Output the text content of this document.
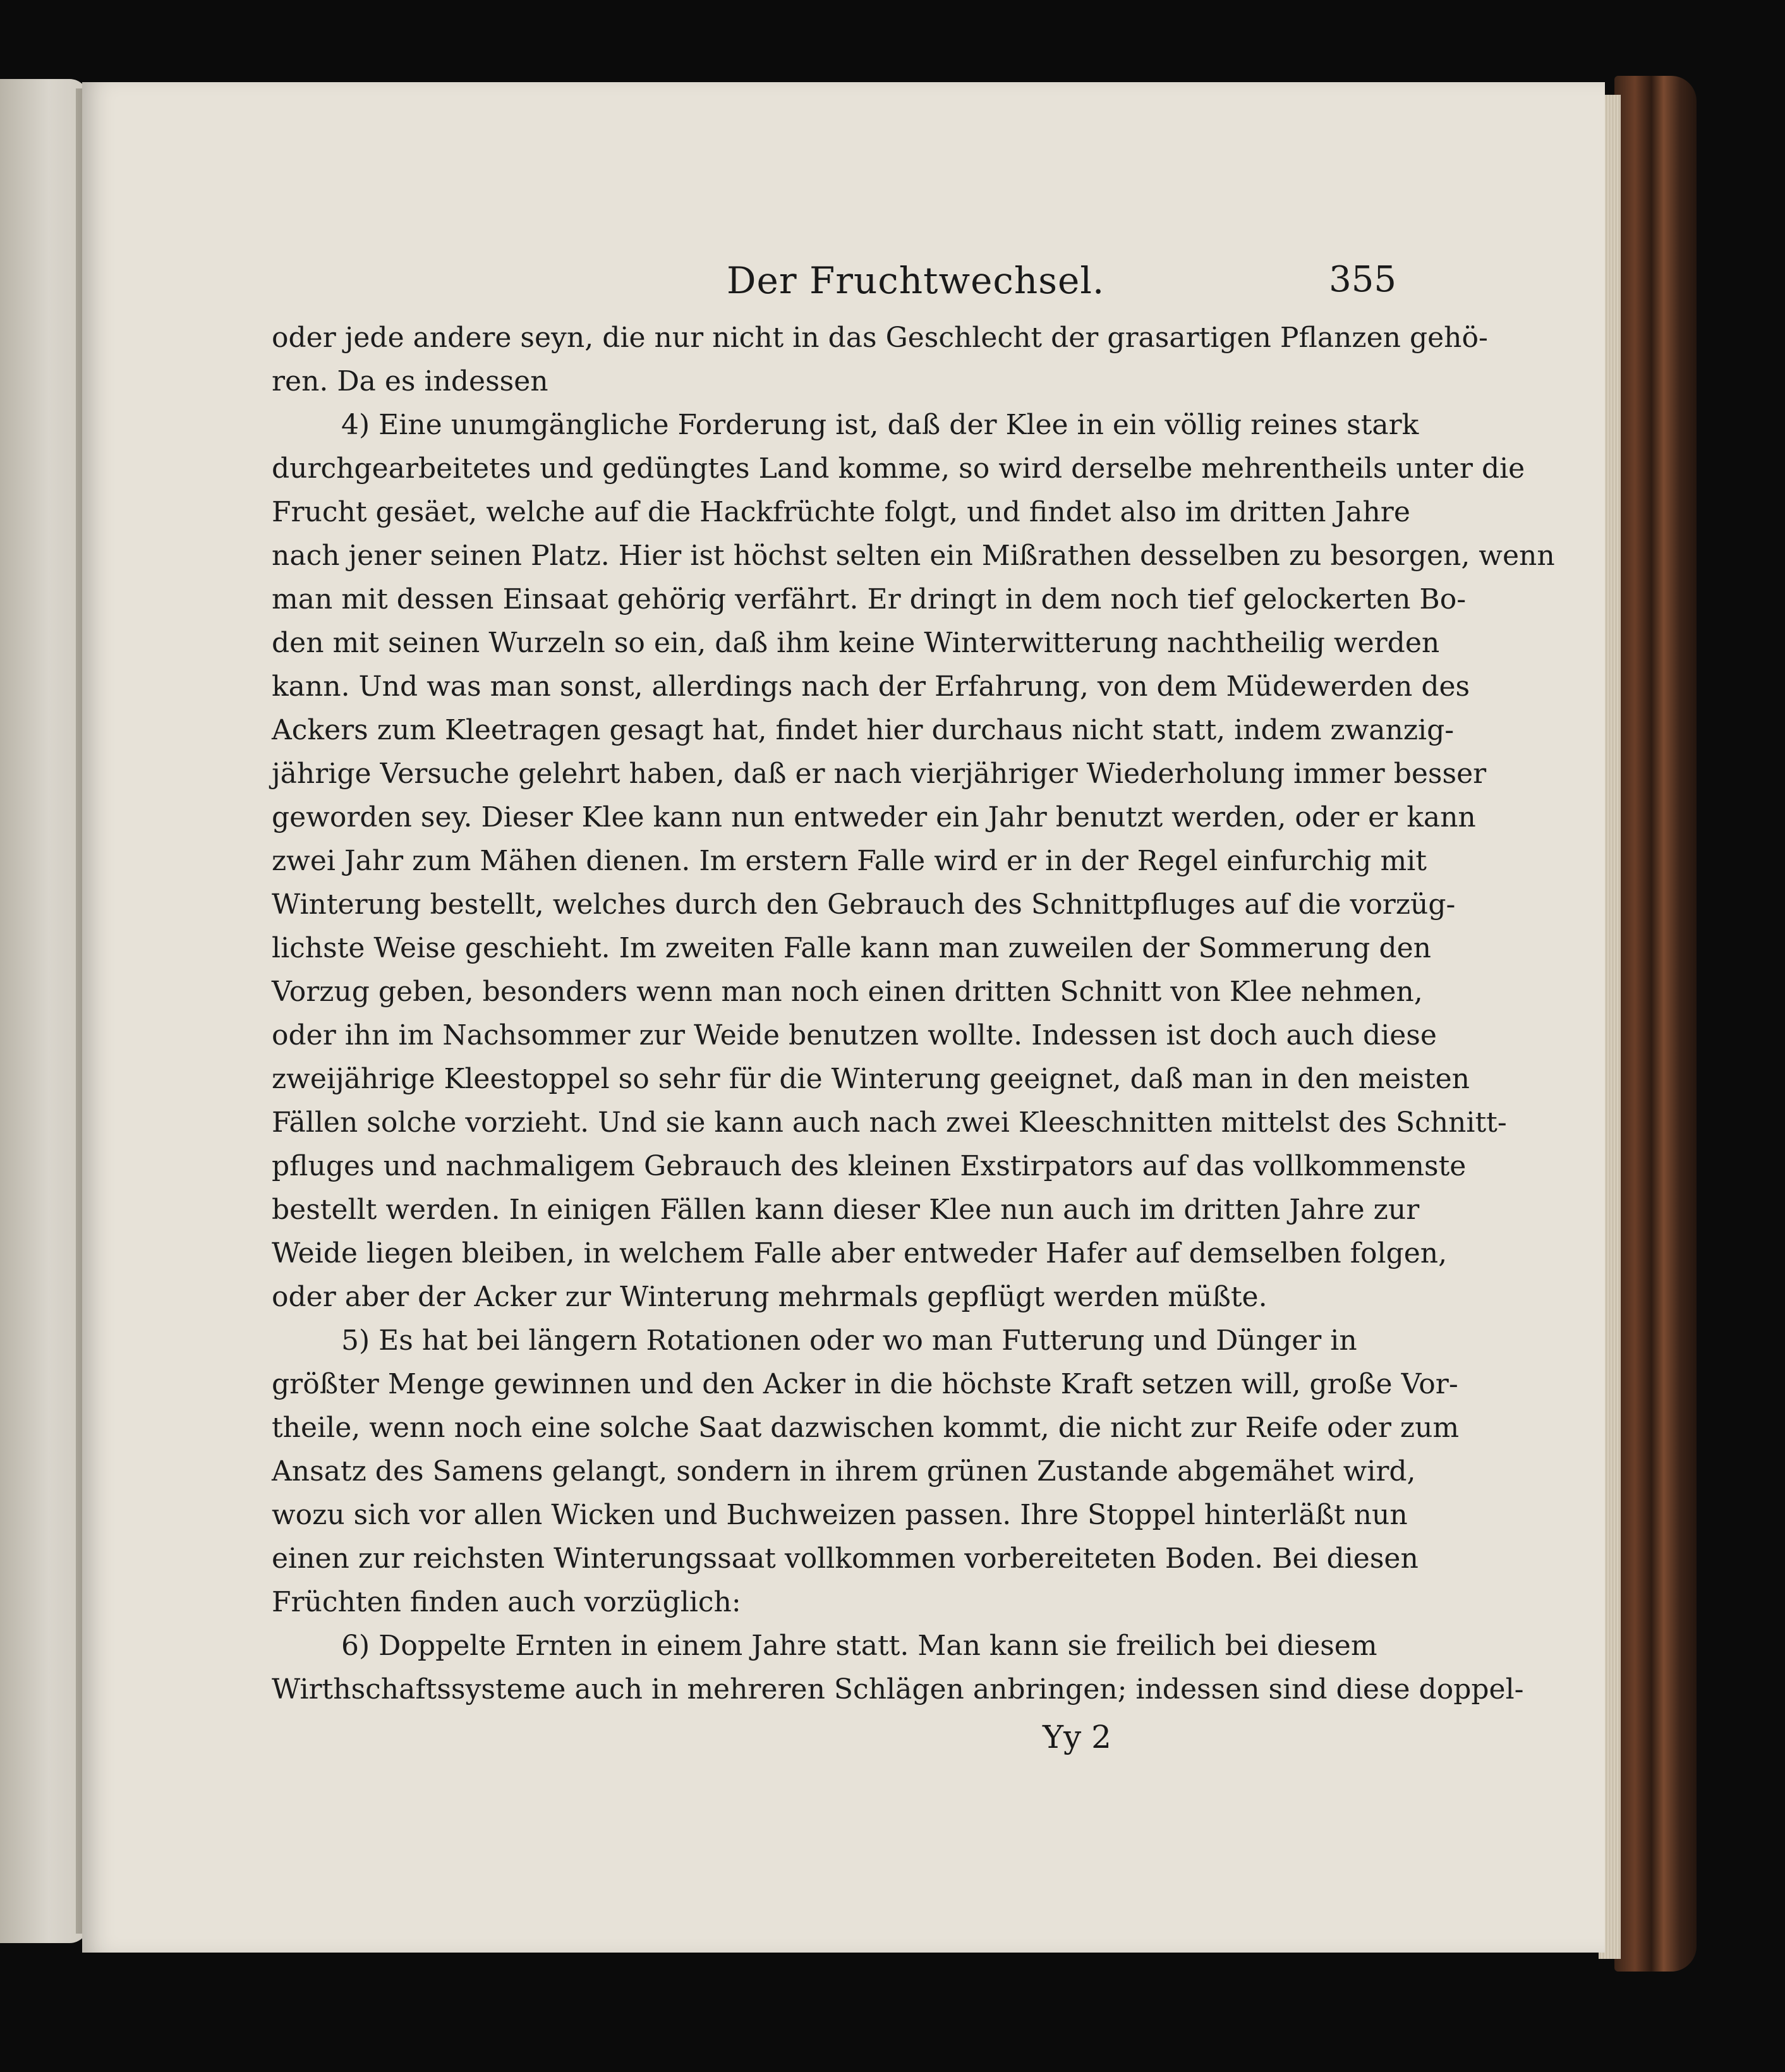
Der Fruchtwechsel.	355
oder jede andere seyn, die nur nicht in das Geschlecht der grasartigen Pflanzen gehö-
ren. Da es indessen
4) Eine unumgängliche Forderung ist, daß der Klee in ein völlig reines stark
durchgearbeitetes und gedüngtes Land komme, so wird derselbe mehrentheils unter die
Frucht gesäet, welche auf die Hackfrüchte folgt, und findet also im dritten Jahre
nach jener seinen Platz. Hier ist höchst selten ein Mißrathen desselben zu besorgen, wenn
man mit dessen Einsaat gehörig verfährt. Er dringt in dem noch tief gelockerten Bo-
den mit seinen Wurzeln so ein, daß ihm keine Winterwitterung nachtheilig werden
kann. Und was man sonst, allerdings nach der Erfahrung, von dem Müdewerden des
Ackers zum Kleetragen gesagt hat, findet hier durchaus nicht statt, indem zwanzig-
jährige Versuche gelehrt haben, daß er nach vierjähriger Wiederholung immer besser
geworden sey. Dieser Klee kann nun entweder ein Jahr benutzt werden, oder er kann
zwei Jahr zum Mähen dienen. Im erstern Falle wird er in der Regel einfurchig mit
Winterung bestellt, welches durch den Gebrauch des Schnittpfluges auf die vorzüg-
lichste Weise geschieht. Im zweiten Falle kann man zuweilen der Sommerung den
Vorzug geben, besonders wenn man noch einen dritten Schnitt von Klee nehmen,
oder ihn im Nachsommer zur Weide benutzen wollte. Indessen ist doch auch diese
zweijährige Kleestoppel so sehr für die Winterung geeignet, daß man in den meisten
Fällen solche vorzieht. Und sie kann auch nach zwei Kleeschnitten mittelst des Schnitt-
pfluges und nachmaligem Gebrauch des kleinen Exstirpators auf das vollkommenste
bestellt werden. In einigen Fällen kann dieser Klee nun auch im dritten Jahre zur
Weide liegen bleiben, in welchem Falle aber entweder Hafer auf demselben folgen,
oder aber der Acker zur Winterung mehrmals gepflügt werden müßte.
5) Es hat bei längern Rotationen oder wo man Futterung und Dünger in
größter Menge gewinnen und den Acker in die höchste Kraft setzen will, große Vor-
theile, wenn noch eine solche Saat dazwischen kommt, die nicht zur Reife oder zum
Ansatz des Samens gelangt, sondern in ihrem grünen Zustande abgemähet wird,
wozu sich vor allen Wicken und Buchweizen passen. Ihre Stoppel hinterläßt nun
einen zur reichsten Winterungssaat vollkommen vorbereiteten Boden. Bei diesen
Früchten finden auch vorzüglich:
6) Doppelte Ernten in einem Jahre statt. Man kann sie freilich bei diesem
Wirthschaftssysteme auch in mehreren Schlägen anbringen; indessen sind diese doppel-
Yy 2
